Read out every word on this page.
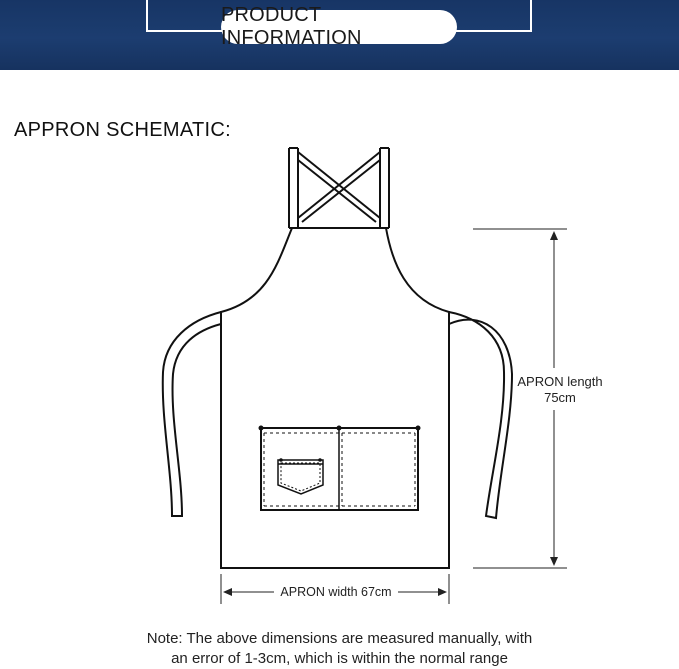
PRODUCT INFORMATION
APPRON SCHEMATIC:
APRON length
75cm
APRON width 67cm
Note: The above dimensions are measured manually, with
an error of 1-3cm, which is within the normal range
